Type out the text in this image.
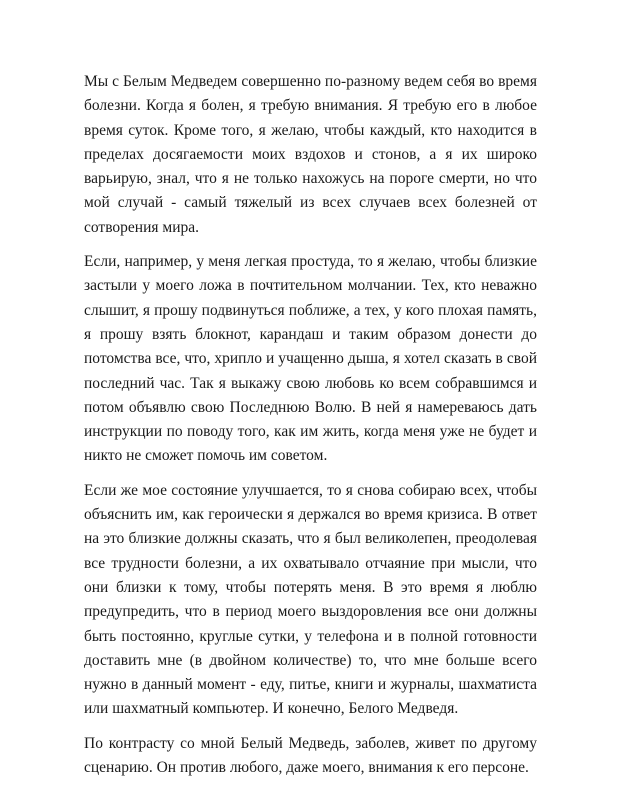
Мы с Белым Медведем совершенно по-разному ведем себя во время болезни. Когда я болен, я требую внимания. Я требую его в любое время суток. Кроме того, я желаю, чтобы каждый, кто находится в пределах досягаемости моих вздохов и стонов, а я их широко варьирую, знал, что я не только нахожусь на пороге смерти, но что мой случай - самый тяжелый из всех случаев всех болезней от сотворения мира.

Если, например, у меня легкая простуда, то я желаю, чтобы близкие застыли у моего ложа в почтительном молчании. Тех, кто неважно слышит, я прошу подвинуться поближе, а тех, у кого плохая память, я прошу взять блокнот, карандаш и таким образом донести до потомства все, что, хрипло и учащенно дыша, я хотел сказать в свой последний час. Так я выкажу свою любовь ко всем собравшимся и потом объявлю свою Последнюю Волю. В ней я намереваюсь дать инструкции по поводу того, как им жить, когда меня уже не будет и никто не сможет помочь им советом.

Если же мое состояние улучшается, то я снова собираю всех, чтобы объяснить им, как героически я держался во время кризиса. В ответ на это близкие должны сказать, что я был великолепен, преодолевая все трудности болезни, а их охватывало отчаяние при мысли, что они близки к тому, чтобы потерять меня. В это время я люблю предупредить, что в период моего выздоровления все они должны быть постоянно, круглые сутки, у телефона и в полной готовности доставить мне (в двойном количестве) то, что мне больше всего нужно в данный момент - еду, питье, книги и журналы, шахматиста или шахматный компьютер. И конечно, Белого Медведя.

По контрасту со мной Белый Медведь, заболев, живет по другому сценарию. Он против любого, даже моего, внимания к его персоне.
